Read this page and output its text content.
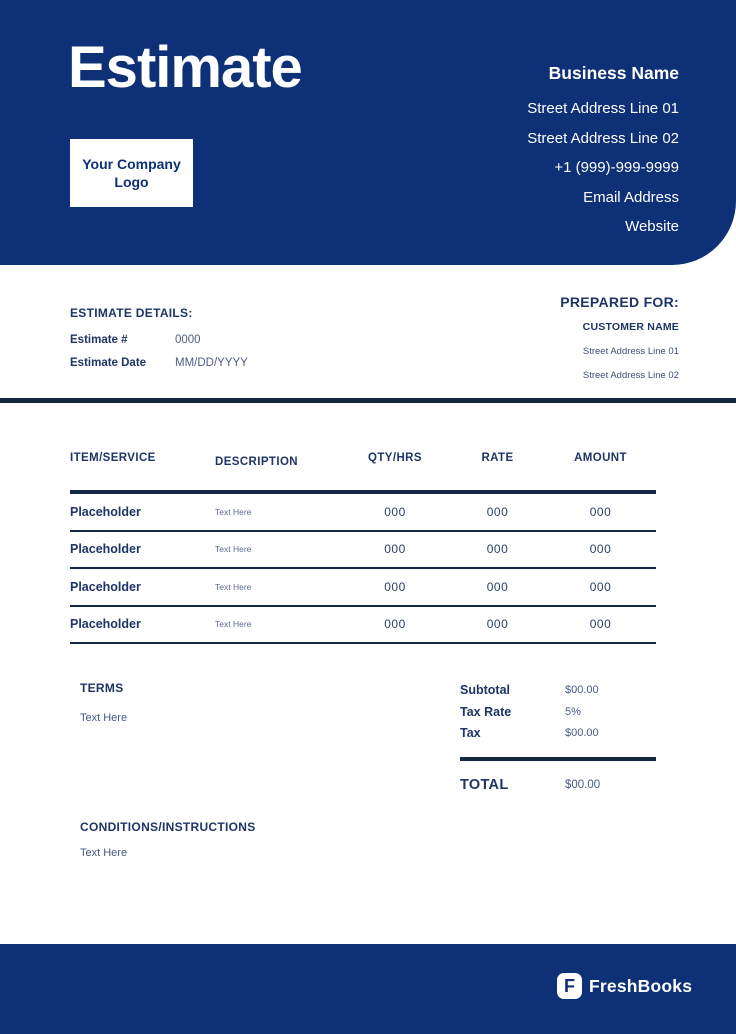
Estimate
Your Company Logo
Business Name
Street Address Line 01
Street Address Line 02
+1 (999)-999-9999
Email Address
Website
ESTIMATE DETAILS:
Estimate #	0000
Estimate Date	MM/DD/YYYY
PREPARED FOR:
CUSTOMER NAME
Street Address Line 01
Street Address Line 02
ITEM/SERVICE	DESCRIPTION	QTY/HRS	RATE	AMOUNT
Placeholder	Text Here	000	000	000
Placeholder	Text Here	000	000	000
Placeholder	Text Here	000	000	000
Placeholder	Text Here	000	000	000
TERMS
Text Here
Subtotal	$00.00
Tax Rate	5%
Tax	$00.00
TOTAL	$00.00
CONDITIONS/INSTRUCTIONS
Text Here
F FreshBooks
